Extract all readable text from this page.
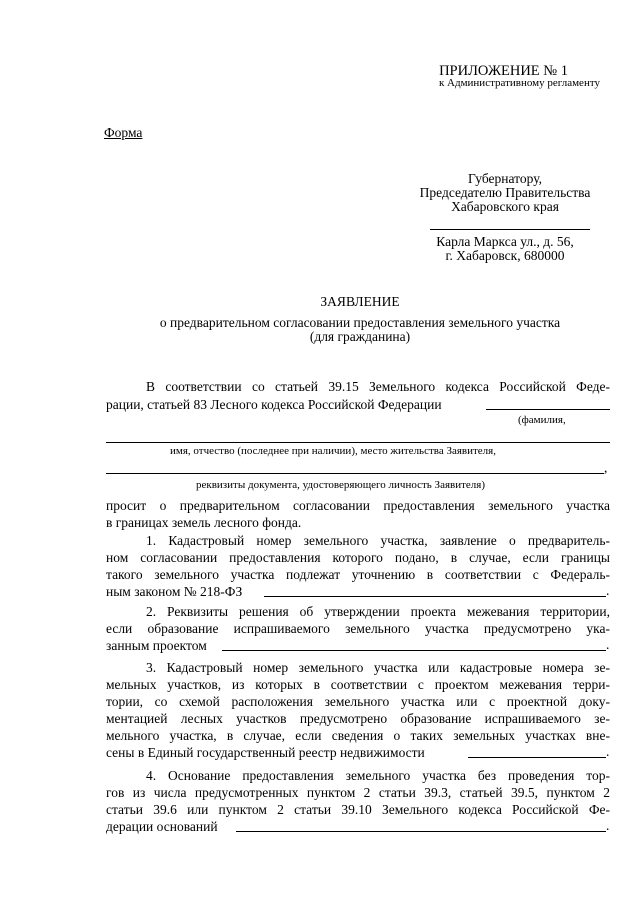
ПРИЛОЖЕНИЕ № 1
к Административному регламенту
Форма
Губернатору,
Председателю Правительства
Хабаровского края
Карла Маркса ул., д. 56,
г. Хабаровск, 680000
ЗАЯВЛЕНИЕ
о предварительном согласовании предоставления земельного участка
(для гражданина)
В соответствии со статьей 39.15 Земельного кодекса Российской Феде-
рации, статьей 83 Лесного кодекса Российской Федерации
(фамилия,
имя, отчество (последнее при наличии), место жительства Заявителя,
,
реквизиты документа, удостоверяющего личность Заявителя)
просит о предварительном согласовании предоставления земельного участка
в границах земель лесного фонда.
1. Кадастровый номер земельного участка, заявление о предваритель-
ном согласовании предоставления которого подано, в случае, если границы
такого земельного участка подлежат уточнению в соответствии с Федераль-
ным законом № 218-ФЗ	.
2. Реквизиты решения об утверждении проекта межевания территории,
если образование испрашиваемого земельного участка предусмотрено ука-
занным проектом	.
3. Кадастровый номер земельного участка или кадастровые номера зе-
мельных участков, из которых в соответствии с проектом межевания терри-
тории, со схемой расположения земельного участка или с проектной доку-
ментацией лесных участков предусмотрено образование испрашиваемого зе-
мельного участка, в случае, если сведения о таких земельных участках вне-
сены в Единый государственный реестр недвижимости	.
4. Основание предоставления земельного участка без проведения тор-
гов из числа предусмотренных пунктом 2 статьи 39.3, статьей 39.5, пунктом 2
статьи 39.6 или пунктом 2 статьи 39.10 Земельного кодекса Российской Фе-
дерации оснований	.
